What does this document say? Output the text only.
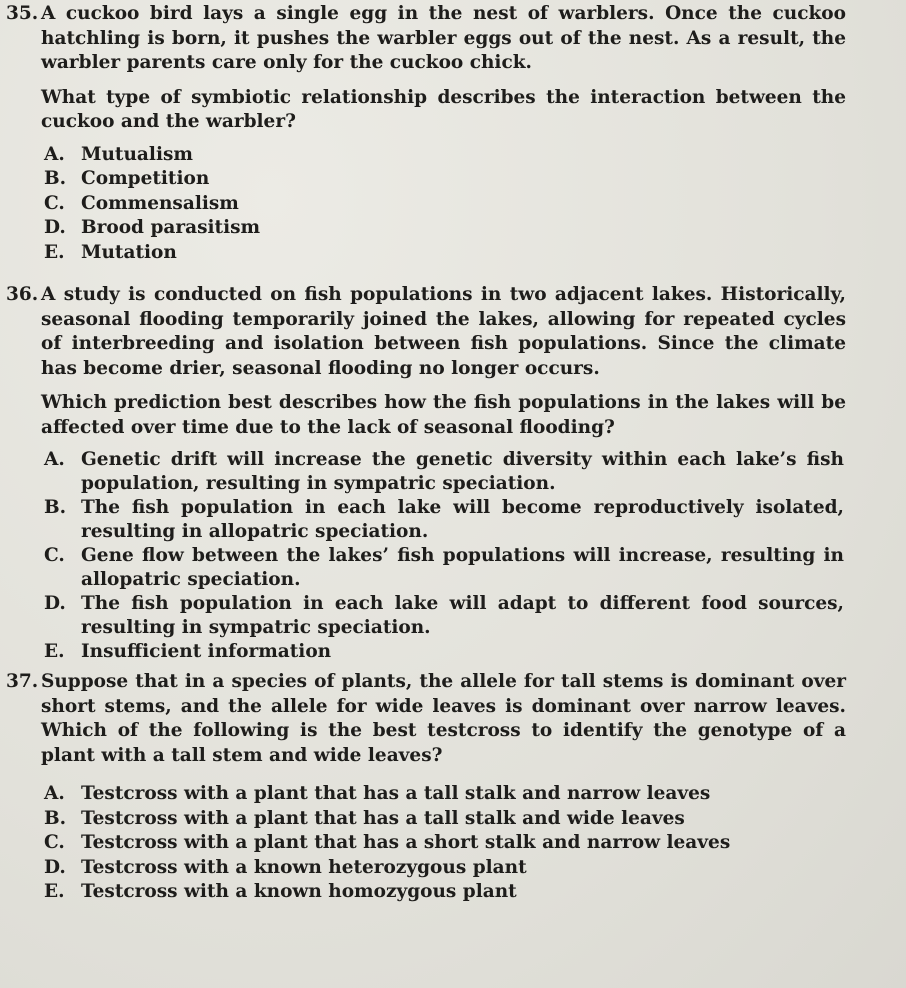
35. A cuckoo bird lays a single egg in the nest of warblers. Once the cuckoo hatchling is born, it pushes the warbler eggs out of the nest. As a result, the warbler parents care only for the cuckoo chick.

What type of symbiotic relationship describes the interaction between the cuckoo and the warbler?

A. Mutualism
B. Competition
C. Commensalism
D. Brood parasitism
E. Mutation
36. A study is conducted on fish populations in two adjacent lakes. Historically, seasonal flooding temporarily joined the lakes, allowing for repeated cycles of interbreeding and isolation between fish populations. Since the climate has become drier, seasonal flooding no longer occurs.

Which prediction best describes how the fish populations in the lakes will be affected over time due to the lack of seasonal flooding?

A. Genetic drift will increase the genetic diversity within each lake’s fish population, resulting in sympatric speciation.
B. The fish population in each lake will become reproductively isolated, resulting in allopatric speciation.
C. Gene flow between the lakes’ fish populations will increase, resulting in allopatric speciation.
D. The fish population in each lake will adapt to different food sources, resulting in sympatric speciation.
E. Insufficient information
37. Suppose that in a species of plants, the allele for tall stems is dominant over short stems, and the allele for wide leaves is dominant over narrow leaves. Which of the following is the best testcross to identify the genotype of a plant with a tall stem and wide leaves?

A. Testcross with a plant that has a tall stalk and narrow leaves
B. Testcross with a plant that has a tall stalk and wide leaves
C. Testcross with a plant that has a short stalk and narrow leaves
D. Testcross with a known heterozygous plant
E. Testcross with a known homozygous plant
